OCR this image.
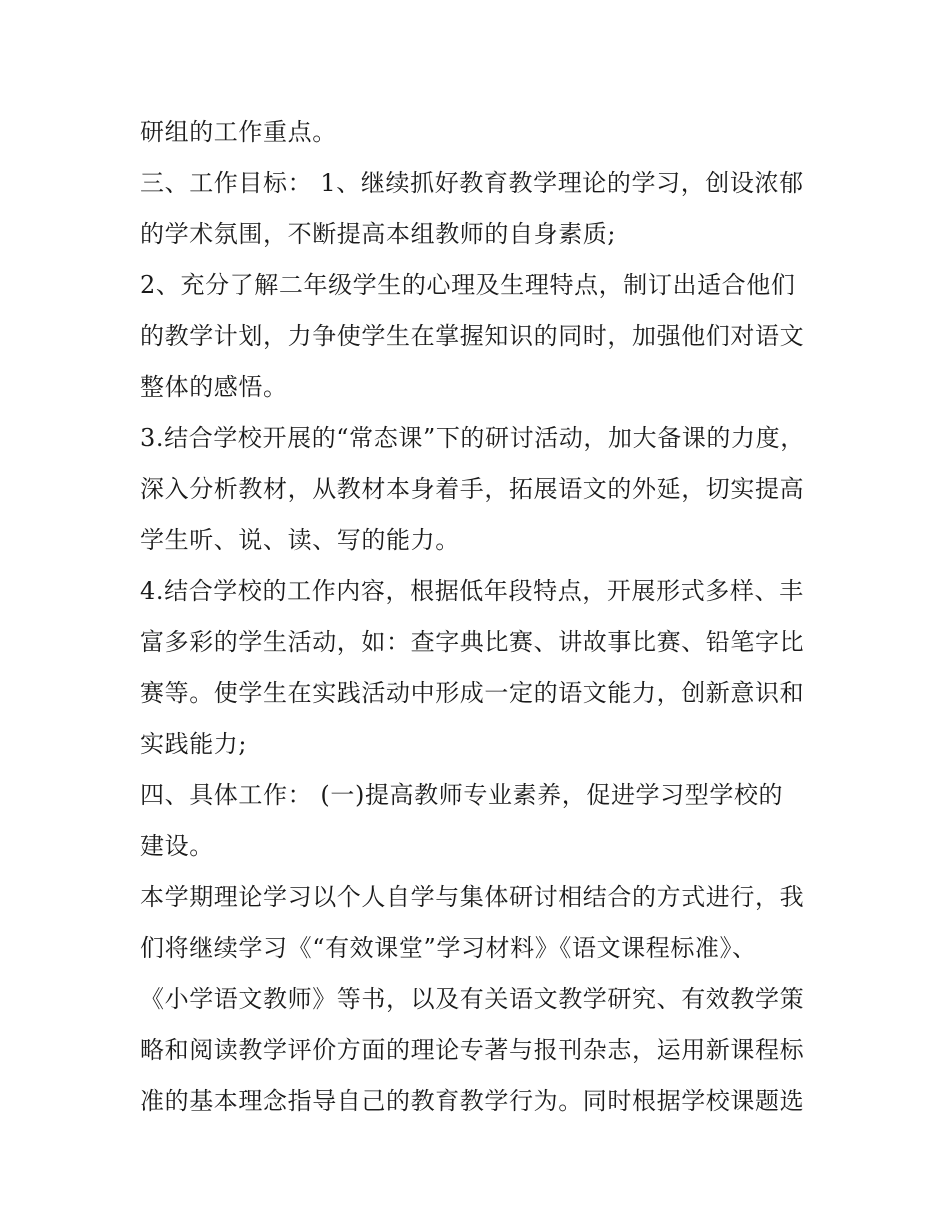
研组的工作重点。
三、工作目标： 1、继续抓好教育教学理论的学习，创设浓郁
的学术氛围，不断提高本组教师的自身素质;
2、充分了解二年级学生的心理及生理特点，制订出适合他们
的教学计划，力争使学生在掌握知识的同时，加强他们对语文
整体的感悟。
3.结合学校开展的“常态课”下的研讨活动，加大备课的力度，
深入分析教材，从教材本身着手，拓展语文的外延，切实提高
学生听、说、读、写的能力。
4.结合学校的工作内容，根据低年段特点，开展形式多样、丰
富多彩的学生活动，如：查字典比赛、讲故事比赛、铅笔字比
赛等。使学生在实践活动中形成一定的语文能力，创新意识和
实践能力;
四、具体工作： (一)提高教师专业素养，促进学习型学校的
建设。
本学期理论学习以个人自学与集体研讨相结合的方式进行，我
们将继续学习《“有效课堂”学习材料》《语文课程标准》、
《小学语文教师》等书，以及有关语文教学研究、有效教学策
略和阅读教学评价方面的理论专著与报刊杂志，运用新课程标
准的基本理念指导自己的教育教学行为。同时根据学校课题选
